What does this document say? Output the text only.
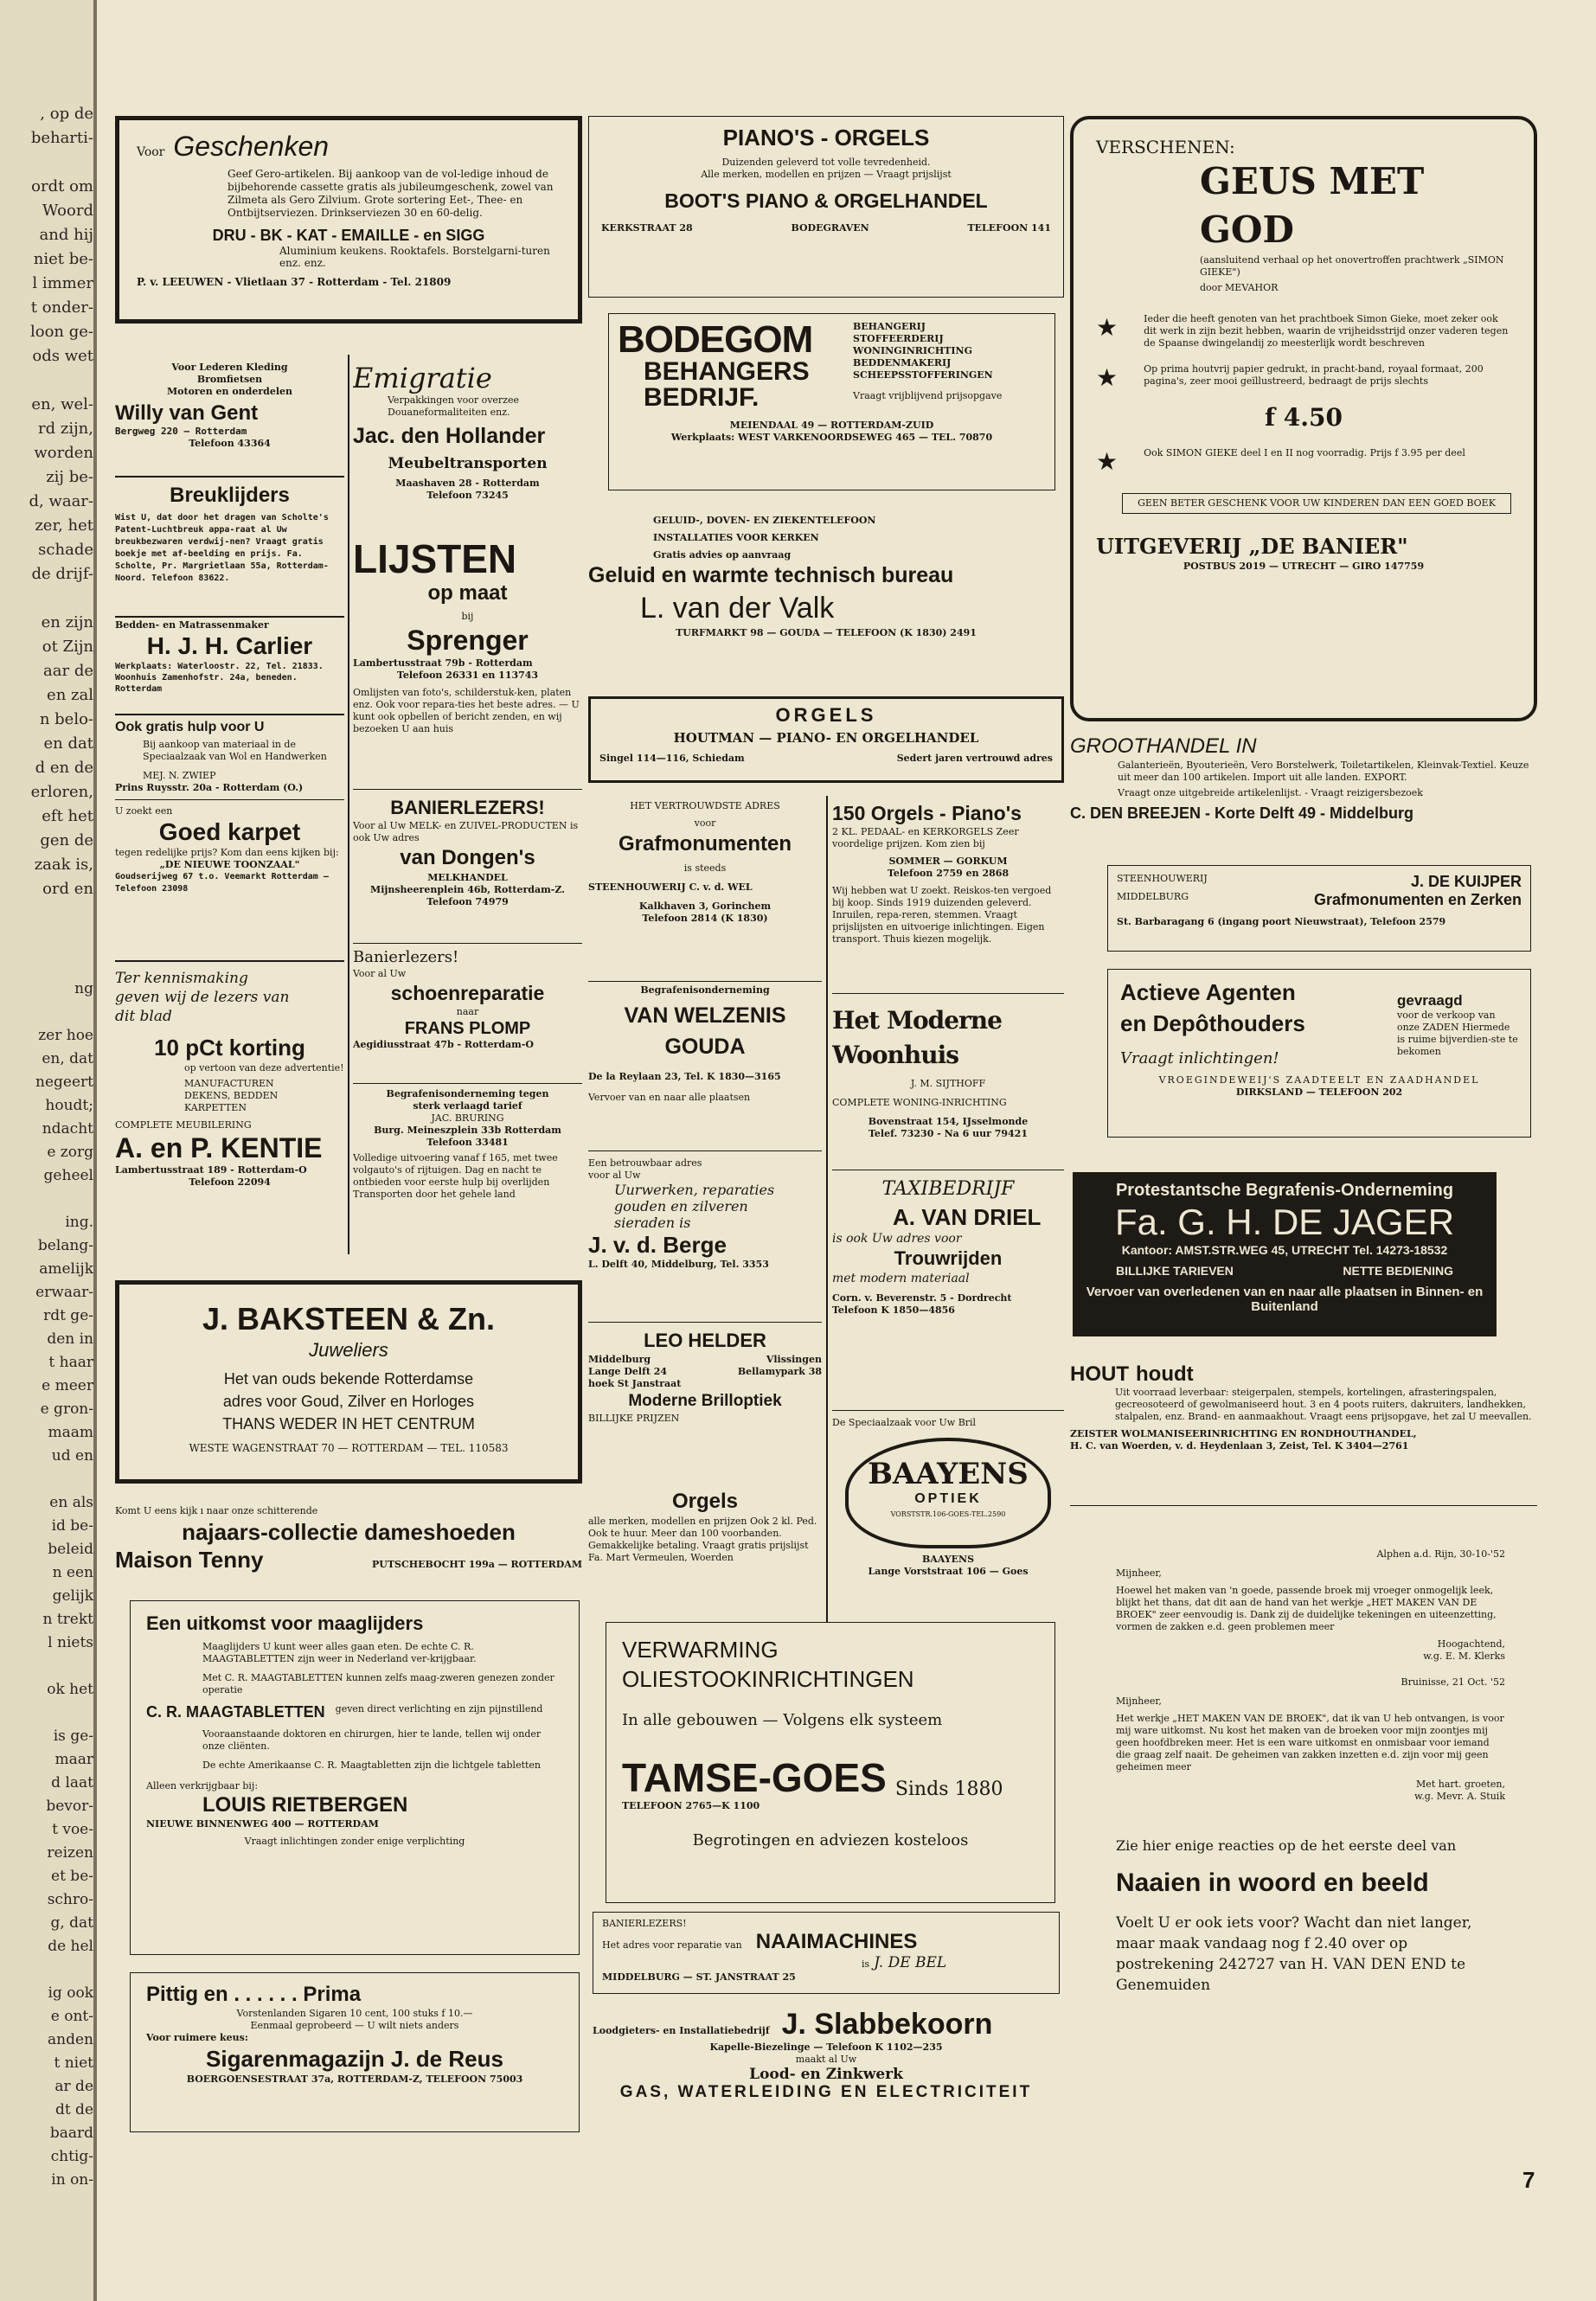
, op de
beharti-

ordt om
Woord
and hij
niet be-
l immer
t onder-
loon ge-
ods wet

en, wel-
rd zijn,
worden
zij be-
d, waar-
zer, het
schade
de drijf-

en zijn
ot Zijn
aar de
en zal
n belo-
en dat
d en de
erloren,
eft het
gen de
zaak is,
ord en
ng

zer hoe
en, dat
negeert
houdt;
ndacht
e zorg
geheel

ing.
belang-
amelijk
erwaar-
rdt ge-
den in
t haar
e meer
e gron-
maam
ud en

en als
id be-
beleid
n een
gelijk
n trekt
l niets

ok het

is ge-
maar
d laat
bevor-
t voe-
reizen
et be-
schro-
g, dat
de hel

ig ook
e ont-
anden
t niet
ar de
dt de
baard
chtig-
in on-
Voor Geschenken

Geef Gero-artikelen. Bij aankoop van de vol-ledige inhoud de bijbehorende cassette gratis als jubileumgeschenk, zowel van Zilmeta als Gero Zilvium. Grote sortering Eet-, Thee- en Ontbijtserviezen. Drinkserviezen 30 en 60-delig.

DRU - BK - KAT - EMAILLE - en SIGG

Aluminium keukens. Rooktafels. Borstelgarni-turen enz. enz.

P. v. LEEUWEN - Vlietlaan 37 - Rotterdam - Tel. 21809

Voor Lederen Kleding

Bromfietsen

Motoren en onderdelen

Willy van Gent

Bergweg 220 — Rotterdam

Telefoon 43364

Breuklijders

Wist U, dat door het dragen van Scholte's Patent-Luchtbreuk appa-raat al Uw breukbezwaren verdwij-nen? Vraagt gratis boekje met af-beelding en prijs. Fa. Scholte, Pr. Margrietlaan 55a, Rotterdam-Noord. Telefoon 83622.

Bedden- en Matrassenmaker

H. J. H. Carlier

Werkplaats: Waterloostr. 22, Tel. 21833. Woonhuis Zamenhofstr. 24a, beneden. Rotterdam

Ook gratis hulp voor U

Bij aankoop van materiaal in de Speciaalzaak van Wol en Handwerken

MEJ. N. ZWIEP

Prins Ruysstr. 20a - Rotterdam (O.)

U zoekt een

Goed karpet

tegen redelijke prijs? Kom dan eens kijken bij:

„DE NIEUWE TOONZAAL"

Goudserijweg 67 t.o. Veemarkt Rotterdam — Telefoon 23098

Ter kennismaking geven wij de lezers van dit blad

10 pCt korting

op vertoon van deze advertentie!

MANUFACTUREN
DEKENS, BEDDEN
KARPETTEN

COMPLETE MEUBILERING

A. en P. KENTIE

Lambertusstraat 189 - Rotterdam-O

Telefoon 22094

Emigratie

Verpakkingen voor overzee Douaneformaliteiten enz.

Jac. den Hollander

Meubeltransporten

Maashaven 28 - Rotterdam

Telefoon 73245

LIJSTEN

op maat

bij

Sprenger

Lambertusstraat 79b - Rotterdam

Telefoon 26331 en 113743

Omlijsten van foto's, schilderstuk-ken, platen enz. Ook voor repara-ties het beste adres. — U kunt ook opbellen of bericht zenden, en wij bezoeken U aan huis

BANIERLEZERS!

Voor al Uw MELK- en ZUIVEL-PRODUCTEN is ook Uw adres

van Dongen's

MELKHANDEL

Mijnsheerenplein 46b, Rotterdam-Z. Telefoon 74979

Banierlezers!

Voor al Uw

schoenreparatie

naar

FRANS PLOMP

Aegidiusstraat 47b - Rotterdam-O

Begrafenisonderneming tegen

sterk verlaagd tarief

JAC. BRURING

Burg. Meineszplein 33b Rotterdam

Telefoon 33481

Volledige uitvoering vanaf f 165, met twee volgauto's of rijtuigen. Dag en nacht te ontbieden voor eerste hulp bij overlijden Transporten door het gehele land

J. BAKSTEEN & Zn.

Juweliers

Het van ouds bekende Rotterdamse

adres voor Goud, Zilver en Horloges

THANS WEDER IN HET CENTRUM

WESTE WAGENSTRAAT 70 — ROTTERDAM — TEL. 110583

Komt U eens kijk ı naar onze schitterende

najaars-collectie dameshoeden

Maison Tenny	PUTSCHEBOCHT 199a — ROTTERDAM

Een uitkomst voor maaglijders

Maaglijders U kunt weer alles gaan eten. De echte C. R. MAAGTABLETTEN zijn weer in Nederland ver-krijgbaar.

Met C. R. MAAGTABLETTEN kunnen zelfs maag-zweren genezen zonder operatie

C. R. MAAGTABLETTEN geven direct verlichting en zijn pijnstillend

Vooraanstaande doktoren en chirurgen, hier te lande, tellen wij onder onze cliënten.

De echte Amerikaanse C. R. Maagtabletten zijn die lichtgele tabletten

Alleen verkrijgbaar bij:

LOUIS RIETBERGEN

NIEUWE BINNENWEG 400 — ROTTERDAM

Vraagt inlichtingen zonder enige verplichting

Pittig en . . . . . . Prima

Vorstenlanden Sigaren 10 cent, 100 stuks f 10.—

Eenmaal geprobeerd — U wilt niets anders

Voor ruimere keus:

Sigarenmagazijn J. de Reus

BOERGOENSESTRAAT 37a, ROTTERDAM-Z, TELEFOON 75003

PIANO'S - ORGELS

Duizenden geleverd tot volle tevredenheid.

Alle merken, modellen en prijzen — Vraagt prijslijst

BOOT'S PIANO & ORGELHANDEL

KERKSTRAAT 28	BODEGRAVEN	TELEFOON 141

BODEGOM

BEHANGERS

BEDRIJF.

BEHANGERIJ
STOFFEERDERIJ
WONINGINRICHTING
BEDDENMAKERIJ
SCHEEPSSTOFFERINGEN

Vraagt vrijblijvend prijsopgave

MEIENDAAL 49 — ROTTERDAM-ZUID

Werkplaats: WEST VARKENOORDSEWEG 465 — TEL. 70870

GELUID-, DOVEN- EN ZIEKENTELEFOON

INSTALLATIES VOOR KERKEN

Gratis advies op aanvraag

Geluid en warmte technisch bureau

L. van der Valk

TURFMARKT 98 — GOUDA — TELEFOON (K 1830) 2491

ORGELS

HOUTMAN — PIANO- EN ORGELHANDEL

Singel 114—116, Schiedam	Sedert jaren vertrouwd adres

HET VERTROUWDSTE ADRES

voor

Grafmonumenten

is steeds

STEENHOUWERIJ C. v. d. WEL

Kalkhaven 3, Gorinchem

Telefoon 2814 (K 1830)

Begrafenisonderneming

VAN WELZENIS

GOUDA

De la Reylaan 23, Tel. K 1830—3165

Vervoer van en naar alle plaatsen

Een betrouwbaar adres

voor al Uw

Uurwerken, reparaties

gouden en zilveren

sieraden is

J. v. d. Berge

L. Delft 40, Middelburg, Tel. 3353

LEO HELDER

Middelburg	Vlissingen
Lange Delft 24	Bellamypark 38

hoek St Janstraat

Moderne Brilloptiek

BILLIJKE PRIJZEN

Orgels

alle merken, modellen en prijzen Ook 2 kl. Ped. Ook te huur. Meer dan 100 voorbanden. Gemakkelijke betaling. Vraagt gratis prijslijst Fa. Mart Vermeulen, Woerden

150 Orgels - Piano's

2 KL. PEDAAL- en KERKORGELS Zeer voordelige prijzen. Kom zien bij

SOMMER — GORKUM

Telefoon 2759 en 2868

Wij hebben wat U zoekt. Reiskos-ten vergoed bij koop. Sinds 1919 duizenden geleverd. Inruilen, repa-reren, stemmen. Vraagt prijslijsten en uitvoerige inlichtingen. Eigen transport. Thuis kiezen mogelijk.

Het Moderne Woonhuis

J. M. SIJTHOFF

COMPLETE WONING-INRICHTING

Bovenstraat 154, IJsselmonde

Telef. 73230 - Na 6 uur 79421

TAXIBEDRIJF

A. VAN DRIEL

is ook Uw adres voor

Trouwrijden

met modern materiaal

Corn. v. Beverenstr. 5 - Dordrecht

Telefoon K 1850—4856

De Speciaalzaak voor Uw Bril

BAAYENS

OPTIEK

VORSTSTR.106-GOES-TEL.2590

BAAYENS

Lange Vorststraat 106 — Goes

VERWARMING OLIESTOOKINRICHTINGEN

In alle gebouwen — Volgens elk systeem

TAMSE-GOES Sinds 1880

TELEFOON 2765—K 1100

Begrotingen en adviezen kosteloos

BANIERLEZERS!

Het adres voor reparatie van NAAIMACHINES
is J. DE BEL

MIDDELBURG — ST. JANSTRAAT 25

Loodgieters- en Installatiebedrijf J. Slabbekoorn

Kapelle-Biezelinge — Telefoon K 1102—235

maakt al Uw

Lood- en Zinkwerk

GAS, WATERLEIDING EN ELECTRICITEIT

VERSCHENEN:

GEUS MET GOD

(aansluitend verhaal op het onovertroffen prachtwerk „SIMON GIEKE")

door MEVAHOR

★	Ieder die heeft genoten van het prachtboek Simon Gieke, moet zeker ook dit werk in zijn bezit hebben, waarin de vrijheidsstrijd onzer vaderen tegen de Spaanse dwingelandij zo meesterlijk wordt beschreven

★	Op prima houtvrij papier gedrukt, in pracht-band, royaal formaat, 200 pagina's, zeer mooi geïllustreerd, bedraagt de prijs slechts

f 4.50

★	Ook SIMON GIEKE deel I en II nog voorradig. Prijs f 3.95 per deel

GEEN BETER GESCHENK VOOR UW KINDEREN DAN EEN GOED BOEK

UITGEVERIJ „DE BANIER"

POSTBUS 2019 — UTRECHT — GIRO 147759

GROOTHANDEL IN

Galanterieën, Byouterieën, Vero Borstelwerk, Toiletartikelen, Kleinvak-Textiel. Keuze uit meer dan 100 artikelen. Import uit alle landen. EXPORT.

Vraagt onze uitgebreide artikelenlijst. - Vraagt reizigersbezoek

C. DEN BREEJEN - Korte Delft 49 - Middelburg

STEENHOUWERIJ	J. DE KUIJPER
MIDDELBURG	Grafmonumenten en Zerken

St. Barbaragang 6 (ingang poort Nieuwstraat), Telefoon 2579

Actieve Agenten

en Depôthouders

Vraagt inlichtingen!

gevraagd

voor de verkoop van onze ZADEN Hiermede is ruime bijverdien-ste te bekomen

VROEGINDEWEIJ'S ZAADTEELT EN ZAADHANDEL

DIRKSLAND — TELEFOON 202

Protestantsche Begrafenis-Onderneming

Fa. G. H. DE JAGER

Kantoor: AMST.STR.WEG 45, UTRECHT Tel. 14273-18532

BILLIJKE TARIEVEN	NETTE BEDIENING

Vervoer van overledenen van en naar alle plaatsen in Binnen- en Buitenland

HOUT houdt

Uit voorraad leverbaar: steigerpalen, stempels, kortelingen, afrasteringspalen, gecreosoteerd of gewolmaniseerd hout. 3 en 4 poots ruiters, dakruiters, landhekken, stalpalen, enz. Brand- en aanmaakhout. Vraagt eens prijsopgave, het zal U meevallen.

ZEISTER WOLMANISEERINRICHTING EN RONDHOUTHANDEL,

H. C. van Woerden, v. d. Heydenlaan 3, Zeist, Tel. K 3404—2761

Alphen a.d. Rijn, 30-10-'52

Mijnheer,

Hoewel het maken van 'n goede, passende broek mij vroeger onmogelijk leek, blijkt het thans, dat dit aan de hand van het werkje „HET MAKEN VAN DE BROEK" zeer eenvoudig is. Dank zij de duidelijke tekeningen en uiteenzetting, vormen de zakken e.d. geen problemen meer

Hoogachtend,

w.g. E. M. Klerks

Bruinisse, 21 Oct. '52

Mijnheer,

Het werkje „HET MAKEN VAN DE BROEK", dat ik van U heb ontvangen, is voor mij ware uitkomst. Nu kost het maken van de broeken voor mijn zoontjes mij geen hoofdbreken meer. Het is een ware uitkomst en onmisbaar voor iemand die graag zelf naait. De geheimen van zakken inzetten e.d. zijn voor mij geen geheimen meer

Met hart. groeten,

w.g. Mevr. A. Stuik

Zie hier enige reacties op de het eerste deel van

Naaien in woord en beeld

Voelt U er ook iets voor? Wacht dan niet langer, maar maak vandaag nog f 2.40 over op postrekening 242727 van H. VAN DEN END te Genemuiden

7
